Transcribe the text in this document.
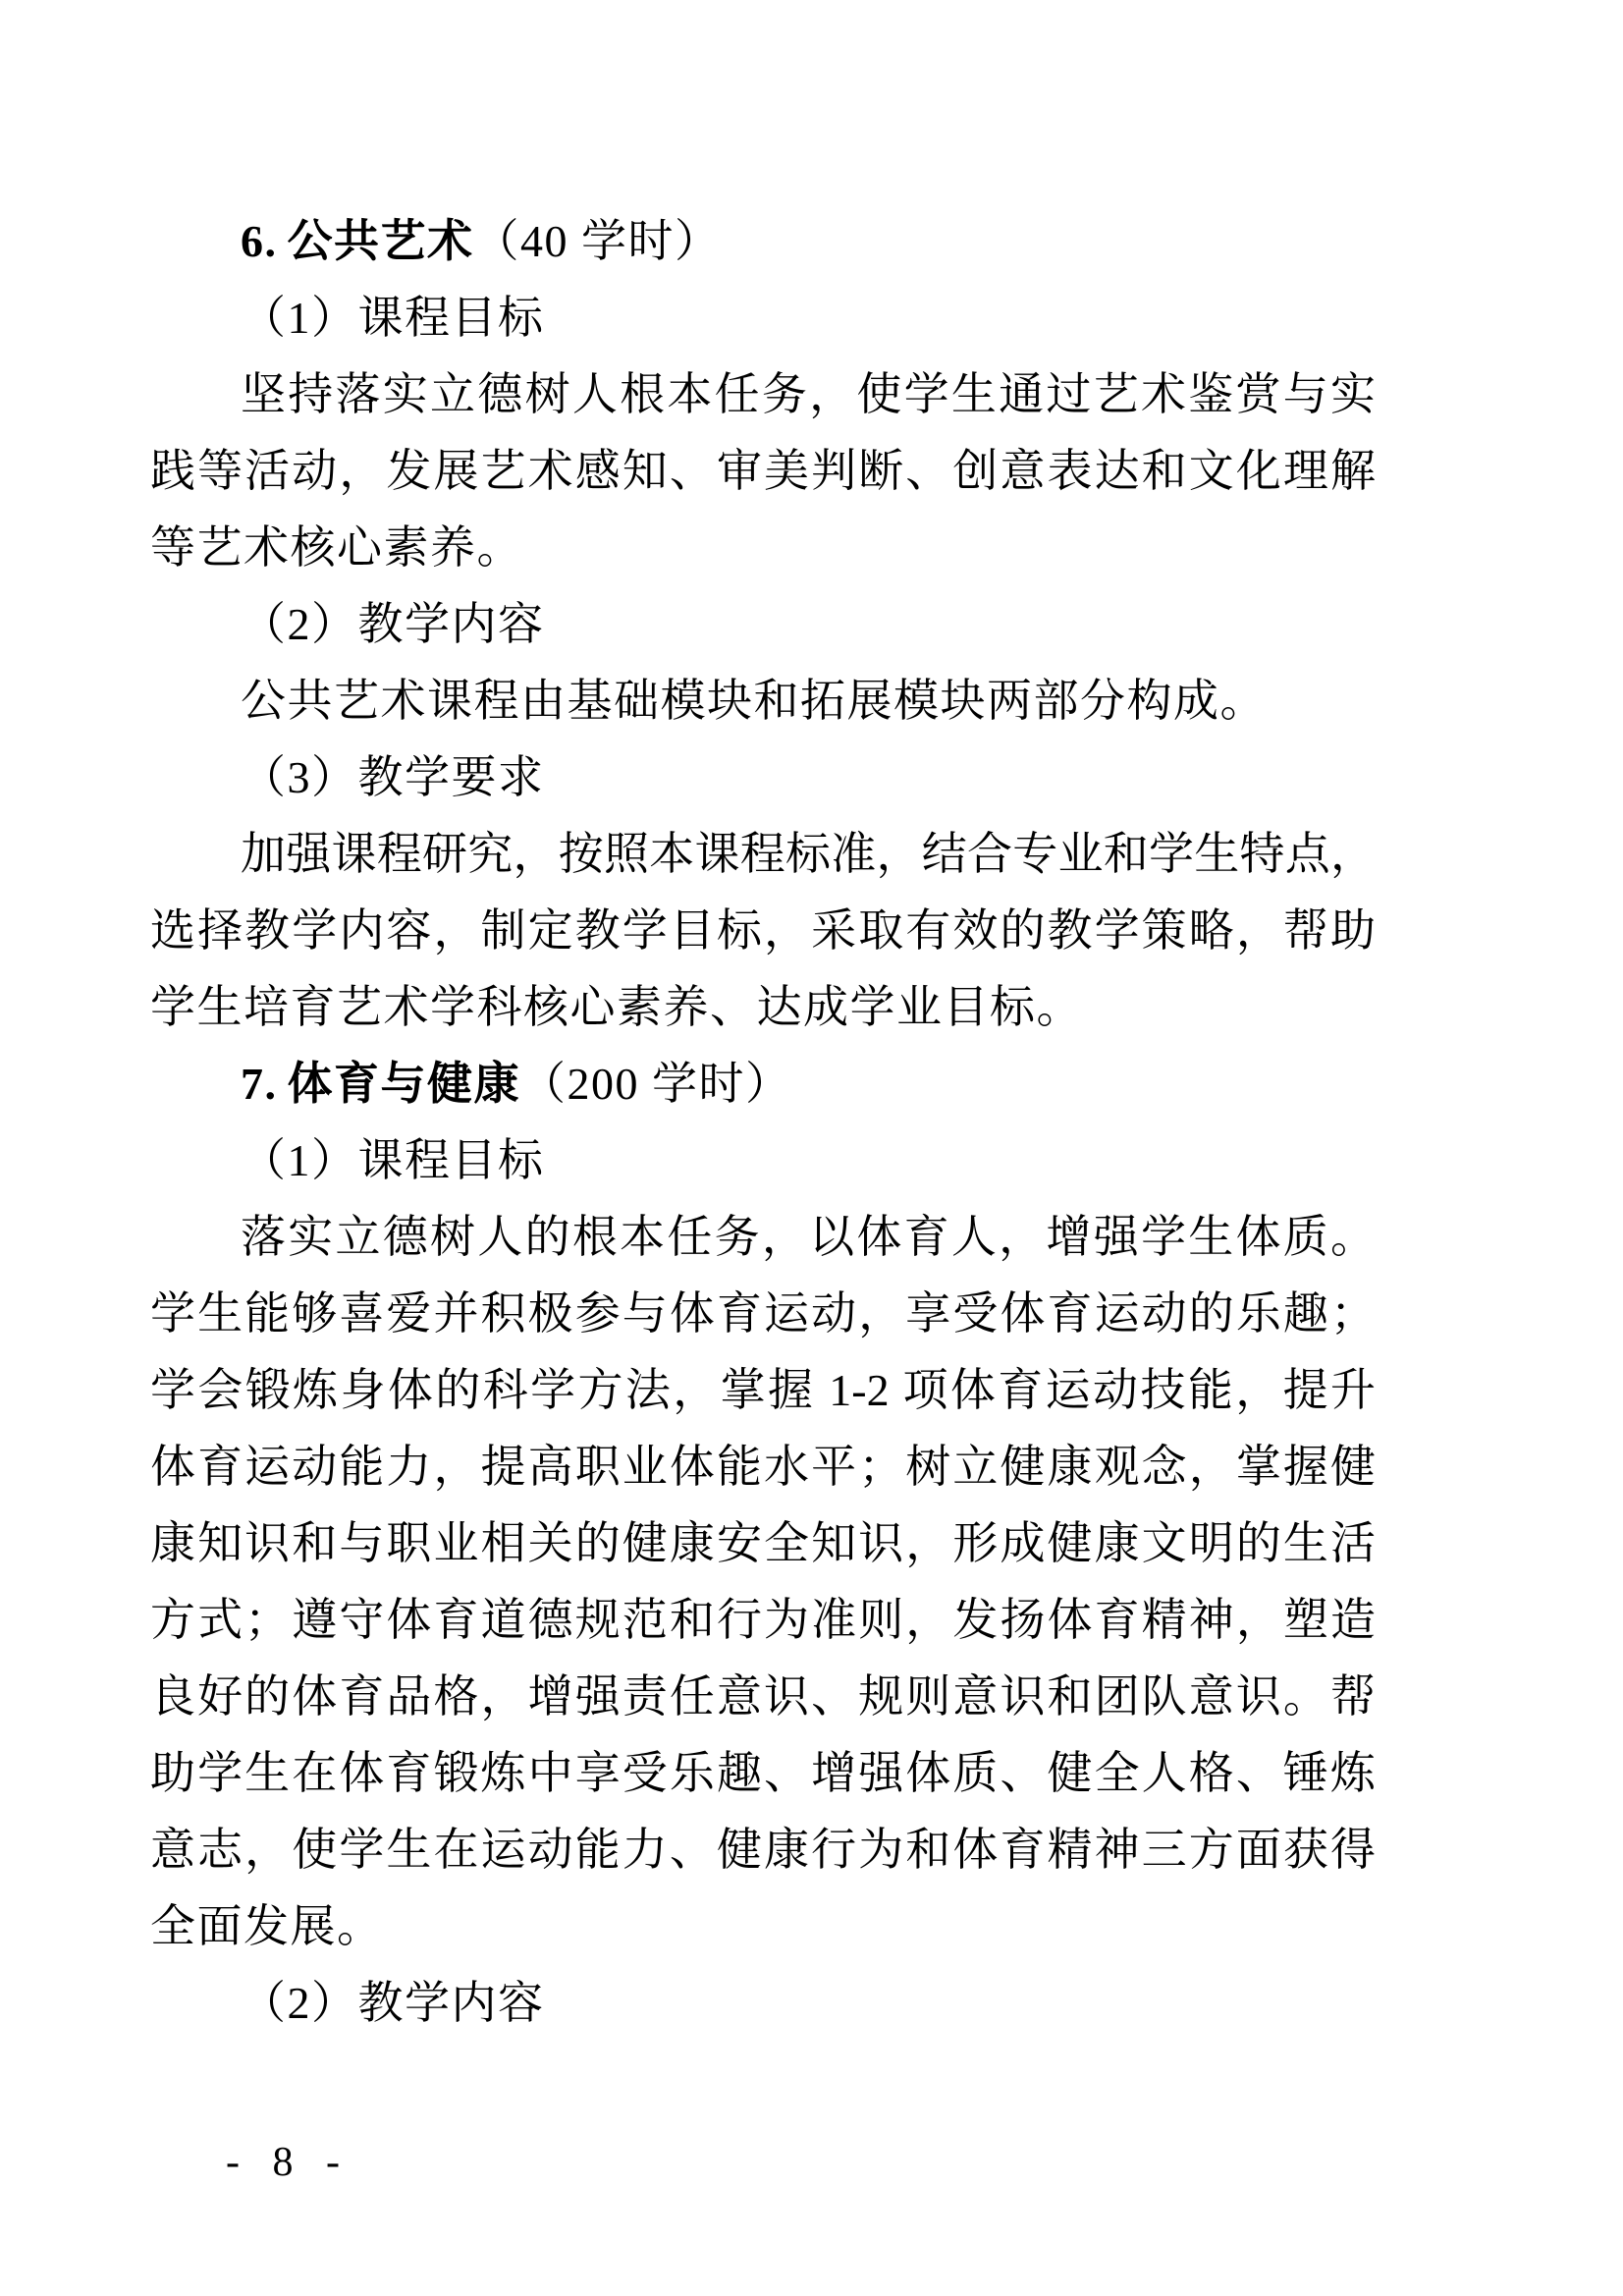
6. 公共艺术（40 学时）
（1）课程目标
坚持落实立德树人根本任务，使学生通过艺术鉴赏与实
践等活动，发展艺术感知、审美判断、创意表达和文化理解
等艺术核心素养。
（2）教学内容
公共艺术课程由基础模块和拓展模块两部分构成。
（3）教学要求
加强课程研究，按照本课程标准，结合专业和学生特点，
选择教学内容，制定教学目标，采取有效的教学策略，帮助
学生培育艺术学科核心素养、达成学业目标。
7. 体育与健康（200 学时）
（1）课程目标
落实立德树人的根本任务，以体育人，增强学生体质。
学生能够喜爱并积极参与体育运动，享受体育运动的乐趣；
学会锻炼身体的科学方法，掌握 1-2 项体育运动技能，提升
体育运动能力，提高职业体能水平；树立健康观念，掌握健
康知识和与职业相关的健康安全知识，形成健康文明的生活
方式；遵守体育道德规范和行为准则，发扬体育精神，塑造
良好的体育品格，增强责任意识、规则意识和团队意识。帮
助学生在体育锻炼中享受乐趣、增强体质、健全人格、锤炼
意志，使学生在运动能力、健康行为和体育精神三方面获得
全面发展。
（2）教学内容
- 8 -
